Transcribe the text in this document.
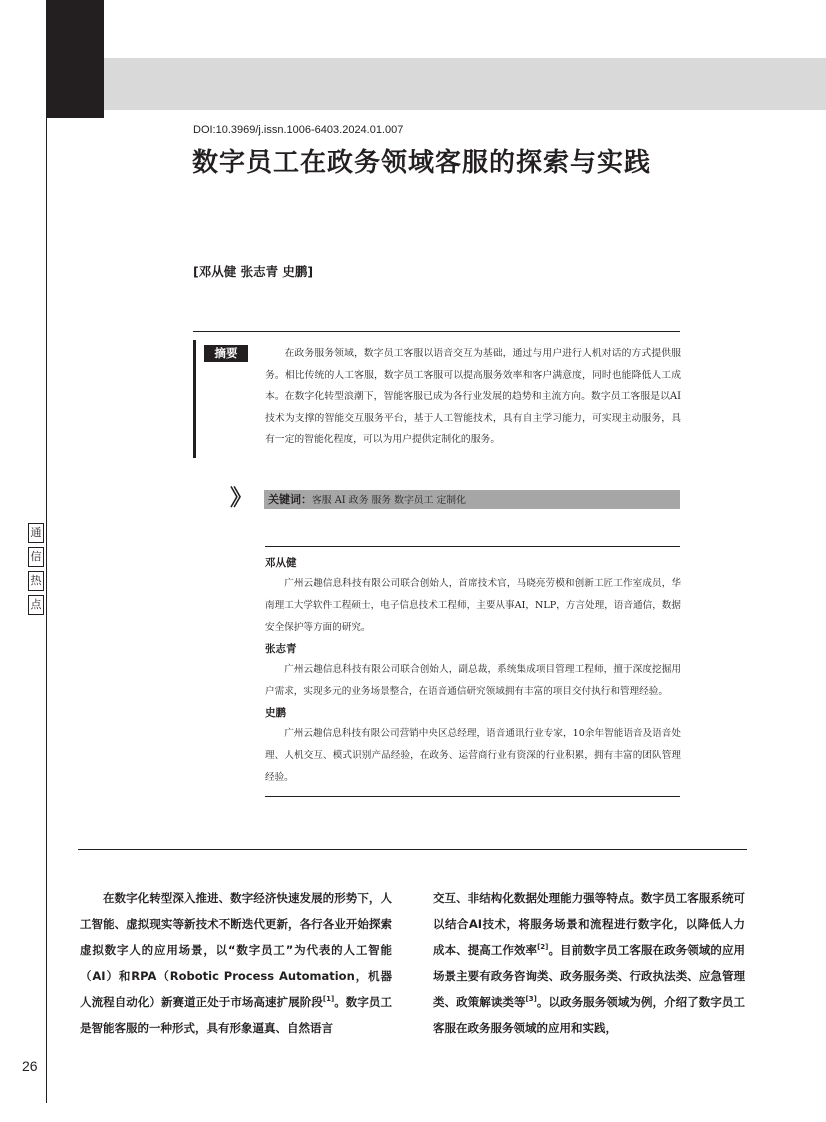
通
信
热
点
DOI:10.3969/j.issn.1006-6403.2024.01.007
数字员工在政务领域客服的探索与实践
[邓从健 张志青 史鹏]
摘要	在政务服务领域，数字员工客服以语音交互为基础，通过与用户进行人机对话的方式提供服务。相比传统的人工客服，数字员工客服可以提高服务效率和客户满意度，同时也能降低人工成本。在数字化转型浪潮下，智能客服已成为各行业发展的趋势和主流方向。数字员工客服是以AI技术为支撑的智能交互服务平台，基于人工智能技术，具有自主学习能力，可实现主动服务，具有一定的智能化程度，可以为用户提供定制化的服务。

》	关键词：客服 AI 政务 服务 数字员工 定制化
邓从健

广州云趣信息科技有限公司联合创始人，首席技术官，马晓亮劳模和创新工匠工作室成员，华南理工大学软件工程硕士，电子信息技术工程师，主要从事AI，NLP，方言处理，语音通信，数据安全保护等方面的研究。

张志青

广州云趣信息科技有限公司联合创始人，副总裁，系统集成项目管理工程师，擅于深度挖掘用户需求，实现多元的业务场景整合，在语音通信研究领域拥有丰富的项目交付执行和管理经验。

史鹏

广州云趣信息科技有限公司营销中央区总经理，语音通讯行业专家，10余年智能语音及语音处理、人机交互、模式识别产品经验，在政务、运营商行业有资深的行业积累，拥有丰富的团队管理经验。

在数字化转型深入推进、数字经济快速发展的形势下，人工智能、虚拟现实等新技术不断迭代更新，各行各业开始探索虚拟数字人的应用场景，以“数字员工”为代表的人工智能（AI）和RPA（Robotic Process Automation，机器人流程自动化）新赛道正处于市场高速扩展阶段[1]。数字员工是智能客服的一种形式，具有形象逼真、自然语言

交互、非结构化数据处理能力强等特点。数字员工客服系统可以结合AI技术，将服务场景和流程进行数字化，以降低人力成本、提高工作效率[2]。目前数字员工客服在政务领域的应用场景主要有政务咨询类、政务服务类、行政执法类、应急管理类、政策解读类等[3]。以政务服务领域为例，介绍了数字员工客服在政务服务领域的应用和实践，

26
